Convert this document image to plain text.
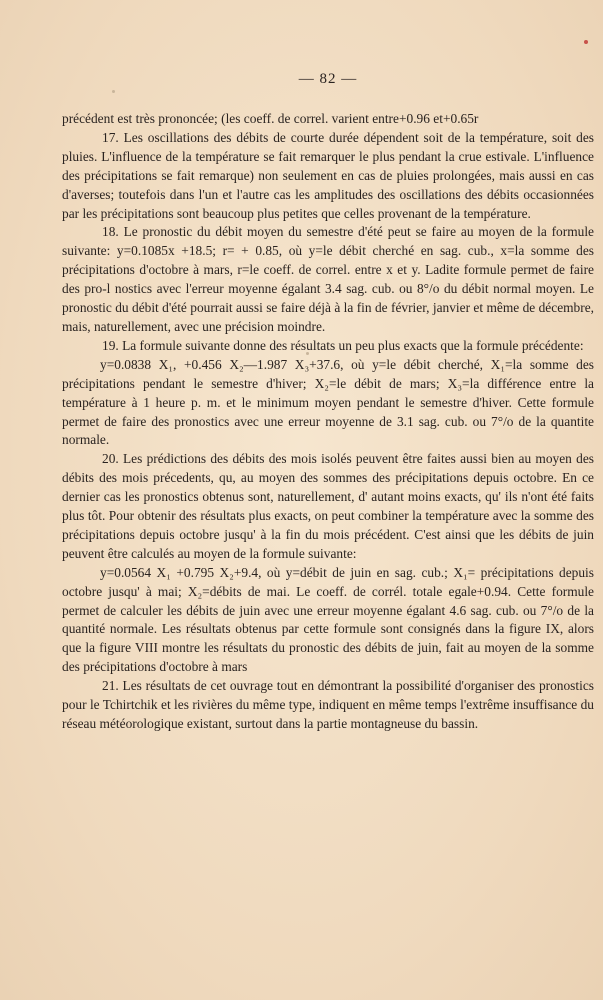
— 82 —

précédent est très prononcée; (les coeff. de correl. varient entre+0.96 et+0.65r

17. Les oscillations des débits de courte durée dépendent soit de la température, soit des pluies. L'influence de la température se fait remarquer le plus pendant la crue estivale. L'influence des précipitations se fait remarque) non seulement en cas de pluies prolongées, mais aussi en cas d'averses; toutefois dans l'un et l'autre cas les amplitudes des oscillations des débits occasionnées par les précipitations sont beaucoup plus petites que celles provenant de la température.

18. Le pronostic du débit moyen du semestre d'été peut se faire au moyen de la formule suivante: y=0.1085x +18.5; r= + 0.85, où y=le débit cherché en sag. cub., x=la somme des précipitations d'octobre à mars, r=le coeff. de correl. entre x et y. Ladite formule permet de faire des pro-l nostics avec l'erreur moyenne égalant 3.4 sag. cub. ou 8°/o du débit normal moyen. Le pronostic du débit d'été pourrait aussi se faire déjà à la fin de février, janvier et même de décembre, mais, naturellement, avec une précision moindre.

19. La formule suivante donne des résultats un peu plus exacts que la formule précédente:

y=0.0838 X₁, +0.456 X₂—1.987 X₃+37.6, où y=le débit cherché, X₁=la somme des précipitations pendant le semestre d'hiver; X₂=le débit de mars; X₃=la différence entre la température à 1 heure p. m. et le minimum moyen pendant le semestre d'hiver. Cette formule permet de faire des pronostics avec une erreur moyenne de 3.1 sag. cub. ou 7°/o de la quantite normale.

20. Les prédictions des débits des mois isolés peuvent être faites aussi bien au moyen des débits des mois précedents, qu, au moyen des sommes des précipitations depuis octobre. En ce dernier cas les pronostics obtenus sont, naturellement, d' autant moins exacts, qu' ils n'ont été faits plus tôt. Pour obtenir des résultats plus exacts, on peut combiner la température avec la somme des précipitations depuis octobre jusqu' à la fin du mois précédent. C'est ainsi que les débits de juin peuvent être calculés au moyen de la formule suivante:

y=0.0564 X₁ +0.795 X₂+9.4, où y=débit de juin en sag. cub.; X₁= précipitations depuis octobre jusqu' à mai; X₂=débits de mai. Le coeff. de corrél. totale egale+0.94. Cette formule permet de calculer les débits de juin avec une erreur moyenne égalant 4.6 sag. cub. ou 7°/o de la quantité normale. Les résultats obtenus par cette formule sont consignés dans la figure IX, alors que la figure VIII montre les résultats du pronostic des débits de juin, fait au moyen de la somme des précipitations d'octobre à mars

21. Les résultats de cet ouvrage tout en démontrant la possibilité d'organiser des pronostics pour le Tchirtchik et les rivières du même type, indiquent en même temps l'extrême insuffisance du réseau météorologique existant, surtout dans la partie montagneuse du bassin.
